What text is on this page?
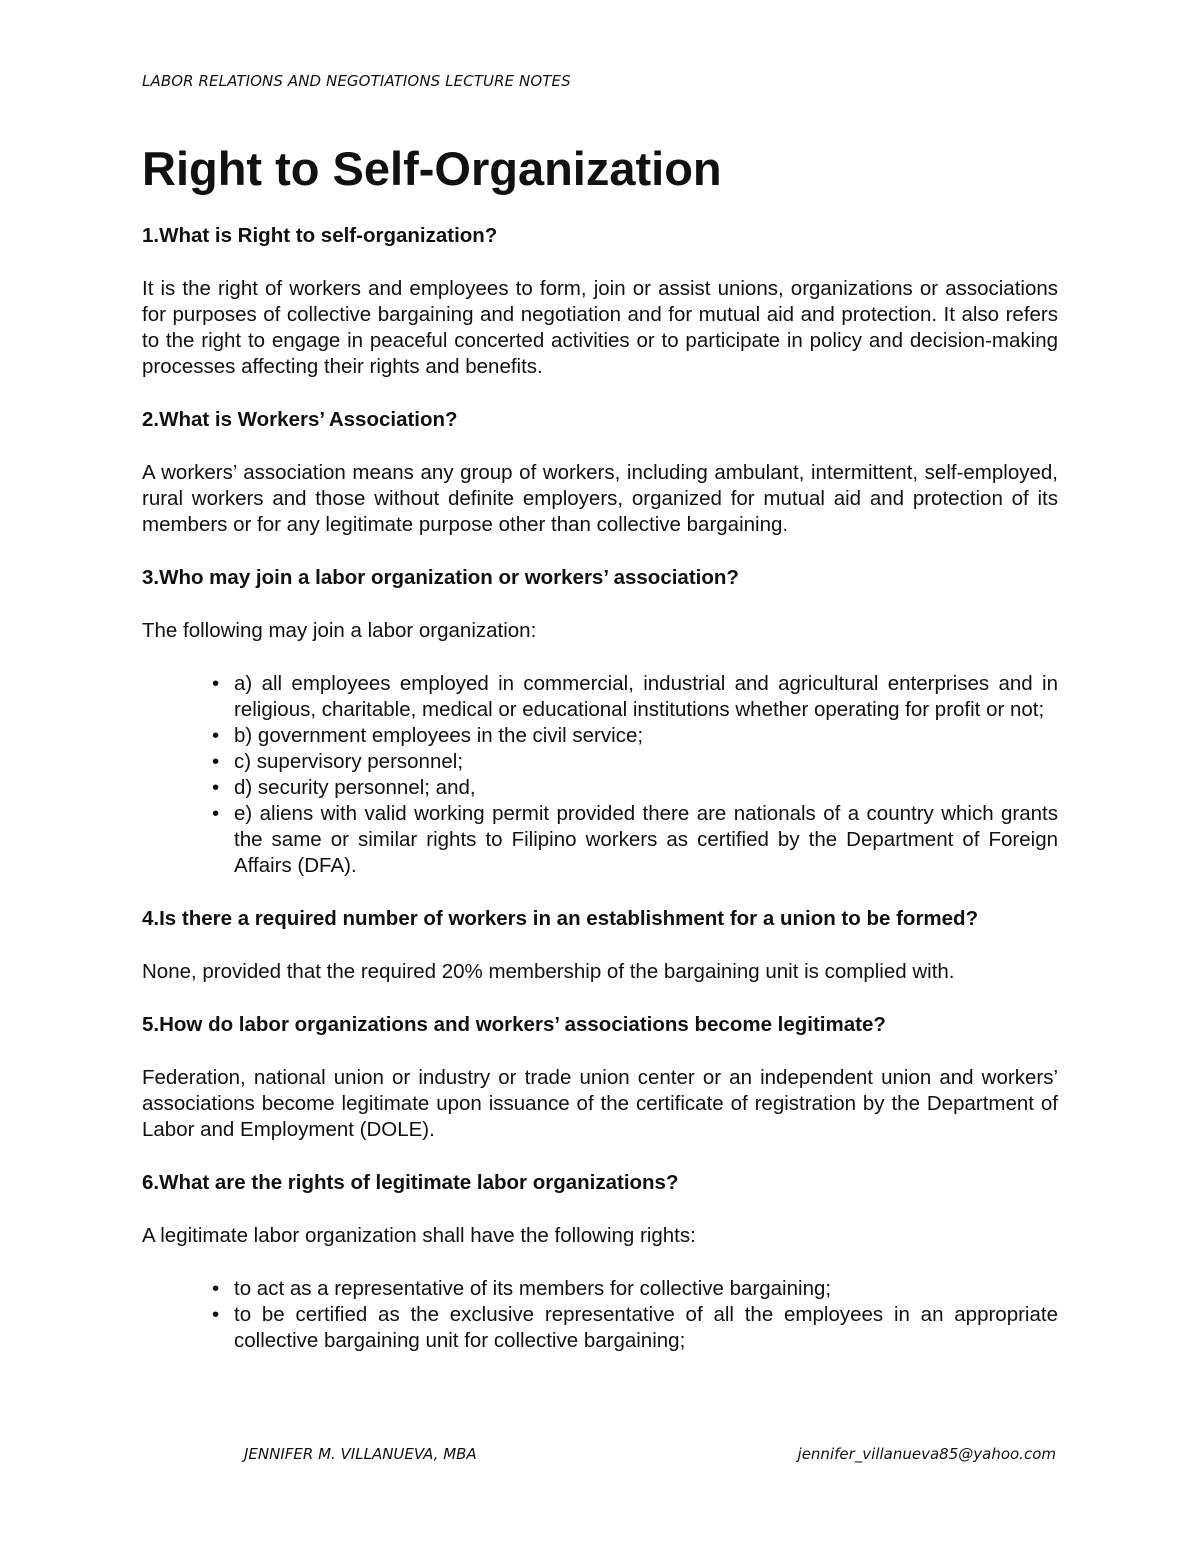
LABOR RELATIONS AND NEGOTIATIONS LECTURE NOTES
Right to Self-Organization
1.What is Right to self-organization?
It is the right of workers and employees to form, join or assist unions, organizations or associations for purposes of collective bargaining and negotiation and for mutual aid and protection. It also refers to the right to engage in peaceful concerted activities or to participate in policy and decision-making processes affecting their rights and benefits.
2.What is Workers’ Association?
A workers’ association means any group of workers, including ambulant, intermittent, self-employed, rural workers and those without definite employers, organized for mutual aid and protection of its members or for any legitimate purpose other than collective bargaining.
3.Who may join a labor organization or workers’ association?
The following may join a labor organization:
• a) all employees employed in commercial, industrial and agricultural enterprises and in religious, charitable, medical or educational institutions whether operating for profit or not;
• b) government employees in the civil service;
• c) supervisory personnel;
• d) security personnel; and,
• e) aliens with valid working permit provided there are nationals of a country which grants the same or similar rights to Filipino workers as certified by the Department of Foreign Affairs (DFA).
4.Is there a required number of workers in an establishment for a union to be formed?
None, provided that the required 20% membership of the bargaining unit is complied with.
5.How do labor organizations and workers’ associations become legitimate?
Federation, national union or industry or trade union center or an independent union and workers’ associations become legitimate upon issuance of the certificate of registration by the Department of Labor and Employment (DOLE).
6.What are the rights of legitimate labor organizations?
A legitimate labor organization shall have the following rights:
• to act as a representative of its members for collective bargaining;
• to be certified as the exclusive representative of all the employees in an appropriate collective bargaining unit for collective bargaining;
JENNIFER M. VILLANUEVA, MBA	jennifer_villanueva85@yahoo.com
